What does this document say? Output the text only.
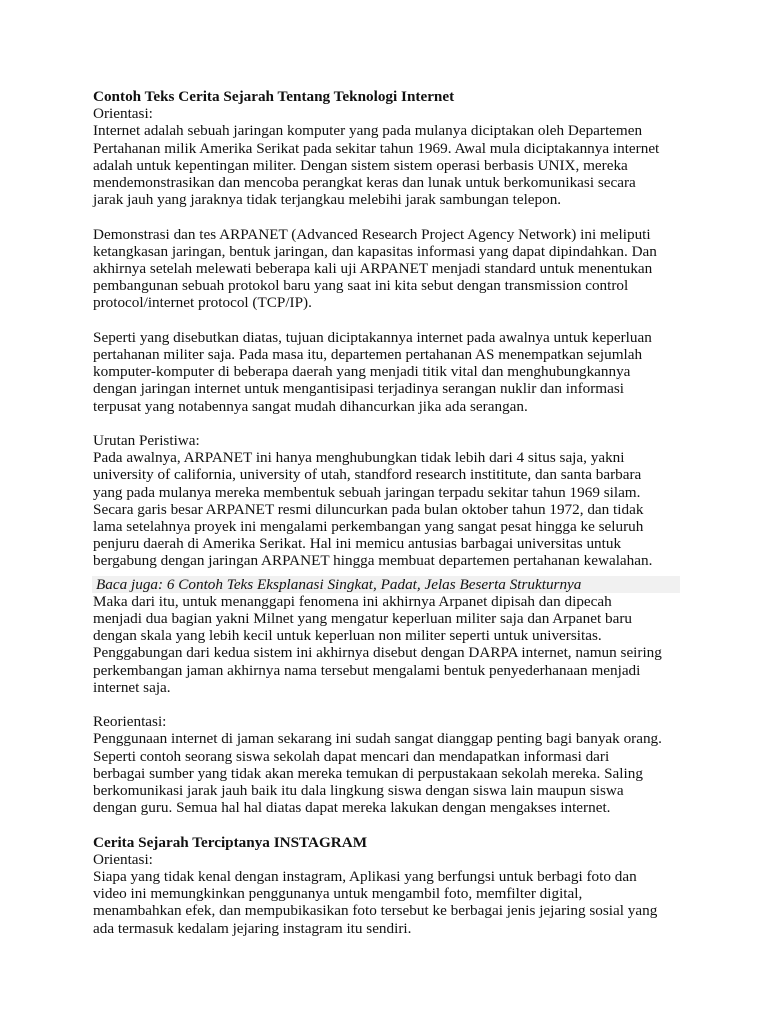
Contoh Teks Cerita Sejarah Tentang Teknologi Internet

Orientasi:

Internet adalah sebuah jaringan komputer yang pada mulanya diciptakan oleh Departemen

Pertahanan milik Amerika Serikat pada sekitar tahun 1969. Awal mula diciptakannya internet

adalah untuk kepentingan militer. Dengan sistem sistem operasi berbasis UNIX, mereka

mendemonstrasikan dan mencoba perangkat keras dan lunak untuk berkomunikasi secara

jarak jauh yang jaraknya tidak terjangkau melebihi jarak sambungan telepon.

Demonstrasi dan tes ARPANET (Advanced Research Project Agency Network) ini meliputi

ketangkasan jaringan, bentuk jaringan, dan kapasitas informasi yang dapat dipindahkan. Dan

akhirnya setelah melewati beberapa kali uji ARPANET menjadi standard untuk menentukan

pembangunan sebuah protokol baru yang saat ini kita sebut dengan transmission control

protocol/internet protocol (TCP/IP).

Seperti yang disebutkan diatas, tujuan diciptakannya internet pada awalnya untuk keperluan

pertahanan militer saja. Pada masa itu, departemen pertahanan AS menempatkan sejumlah

komputer-komputer di beberapa daerah yang menjadi titik vital dan menghubungkannya

dengan jaringan internet untuk mengantisipasi terjadinya serangan nuklir dan informasi

terpusat yang notabennya sangat mudah dihancurkan jika ada serangan.

Urutan Peristiwa:

Pada awalnya, ARPANET ini hanya menghubungkan tidak lebih dari 4 situs saja, yakni

university of california, university of utah, standford research instititute, dan santa barbara

yang pada mulanya mereka membentuk sebuah jaringan terpadu sekitar tahun 1969 silam.

Secara garis besar ARPANET resmi diluncurkan pada bulan oktober tahun 1972, dan tidak

lama setelahnya proyek ini mengalami perkembangan yang sangat pesat hingga ke seluruh

penjuru daerah di Amerika Serikat. Hal ini memicu antusias barbagai universitas untuk

bergabung dengan jaringan ARPANET hingga membuat departemen pertahanan kewalahan.

Baca juga: 6 Contoh Teks Eksplanasi Singkat, Padat, Jelas Beserta Strukturnya

Maka dari itu, untuk menanggapi fenomena ini akhirnya Arpanet dipisah dan dipecah

menjadi dua bagian yakni Milnet yang mengatur keperluan militer saja dan Arpanet baru

dengan skala yang lebih kecil untuk keperluan non militer seperti untuk universitas.

Penggabungan dari kedua sistem ini akhirnya disebut dengan DARPA internet, namun seiring

perkembangan jaman akhirnya nama tersebut mengalami bentuk penyederhanaan menjadi

internet saja.

Reorientasi:

Penggunaan internet di jaman sekarang ini sudah sangat dianggap penting bagi banyak orang.

Seperti contoh seorang siswa sekolah dapat mencari dan mendapatkan informasi dari

berbagai sumber yang tidak akan mereka temukan di perpustakaan sekolah mereka. Saling

berkomunikasi jarak jauh baik itu dala lingkung siswa dengan siswa lain maupun siswa

dengan guru. Semua hal hal diatas dapat mereka lakukan dengan mengakses internet.

Cerita Sejarah Terciptanya INSTAGRAM

Orientasi:

Siapa yang tidak kenal dengan instagram, Aplikasi yang berfungsi untuk berbagi foto dan

video ini memungkinkan penggunanya untuk mengambil foto, memfilter digital,

menambahkan efek, dan mempubikasikan foto tersebut ke berbagai jenis jejaring sosial yang

ada termasuk kedalam jejaring instagram itu sendiri.
